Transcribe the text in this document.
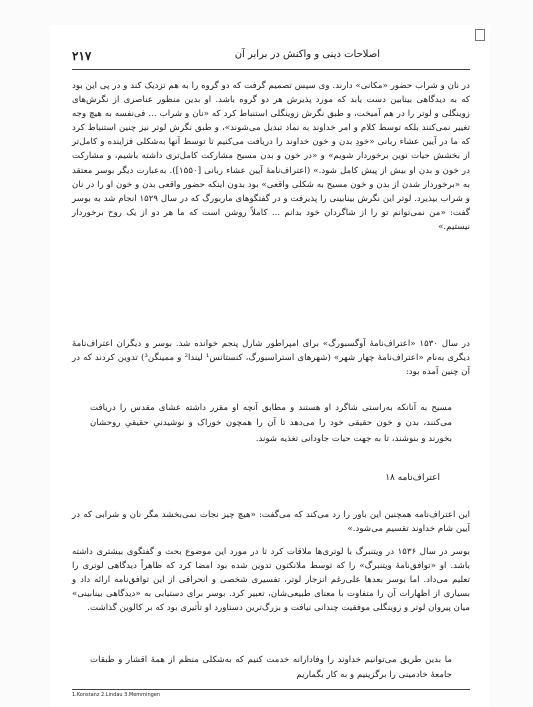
٢١٧	اصلاحات دینی و واکنش در برابر آن

در نان و شراب حضور «مکانی» دارند. وی سپس تصمیم گرفت که دو گروه را به هم نزدیک کند و در پی این بود که به دیدگاهی بینابین دست یابد که مورد پذیرش هر دو گروه باشد. او بدین منظور عناصری از نگرش‌های زوینگلی و لوتر را در هم آمیخت، و طبق نگرش زوینگلی استنباط کرد که «نان و شراب ... فی‌نفسه به هیچ وجه تغییر نمی‌کنند بلکه توسط کلام و امر خداوند به نماد تبدیل می‌شوند»، و طبق نگرش لوتر نیز چنین استنباط کرد که ما در آیین عشاء ربانی «خودِ بدن و خون خداوند را دریافت می‌کنیم تا توسط آنها به‌شکلی فزاینده و کامل‌تر از بخشش حیات نوین برخوردار شویم» و «در خون و بدن مسیح مشارکت کامل‌تری داشته باشیم، و مشارکت در خون و بدن او بیش از پیش کامل شود.» (اعتراف‌نامهٔ آیین عشاء ربانی [١۵۵٠]). به‌عبارت دیگر بوسر معتقد به «برخوردار شدن از بدن و خون مسیح به شکلی واقعی» بود بدون اینکه حضور واقعی بدن و خون او را در نان و شراب بپذیرد. لوتر این نگرش بینابینی را پذیرفت و در گفتگوهای ماربورگ که در سال ١۵٢٩ انجام شد به بوسر گفت: «من نمی‌توانم تو را از شاگردان خود بدانم ... کاملاً روشن است که ما هر دو از یک روح برخوردار نیستیم.»

در سال ١۵٣٠ «اعتراف‌نامهٔ آوگسبورگ» برای امپراطور شارل پنجم خوانده شد. بوسر و دیگران اعتراف‌نامهٔ دیگری به‌نام «اعتراف‌نامهٔ چهار شهر» (شهرهای استراسبورگ، کنستانس¹ لیندا² و ممینگن³) تدوین کردند که در آن چنین آمده بود:

مسیح به آنانکه به‌راستی شاگرد او هستند و مطابق آنچه او مقرر داشته عشای مقدس را دریافت می‌کنند، بدن و خون حقیقی خود را می‌دهد تا آن را همچون خوراک و نوشیدنیِ حقیقیِ روحشان بخورند و بنوشند، تا به جهت حیات جاودانی تغذیه شوند.

اعتراف‌نامه ١٨

این اعتراف‌نامه همچنین این باور را رد می‌کند که می‌گفت: «هیچ چیز نجات نمی‌بخشد مگر نان و شرابی که در آیین شام خداوند تقسیم می‌شود.»

بوسر در سال ١۵٣۶ در ویتنبرگ با لوتری‌ها ملاقات کرد تا در مورد این موضوع بحث و گفتگوی بیشتری داشته باشد. او «توافق‌نامهٔ ویتنبرگ» را که توسط ملانکتون تدوین شده بود امضا کرد که ظاهراً دیدگاهی لوتری را تعلیم می‌داد. اما بوسر بعدها علی‌رغم انزجار لوتر، تفسیری شخصی و انحرافی از این توافق‌نامه ارائه داد و بسیاری از اظهارات آن را متفاوت با معنای طبیعی‌شان، تعبیر کرد. بوسر برای دستیابی به «دیدگاهی بینابینی» میان پیروان لوتر و زوینگلی موفقیت چندانی نیافت و بزرگ‌ترین دستاورد او تأثیری بود که بر کالوین گذاشت.

ما بدین طریق می‌توانیم خداوند را وفادارانه خدمت کنیم که به‌شکلی منظم از همهٔ اقشار و طبقات جامعهٔ خادمینی را برگزینیم و به کار بگماریم

1.Konstanz 2.Lindau 3.Memmingen
